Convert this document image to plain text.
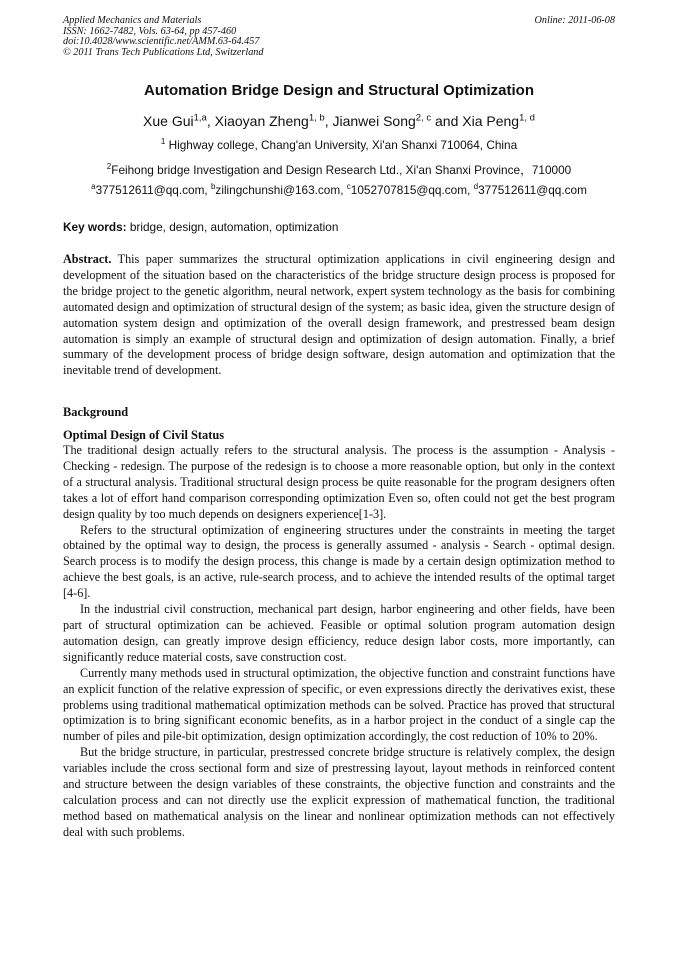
Applied Mechanics and Materials
ISSN: 1662-7482, Vols. 63-64, pp 457-460
doi:10.4028/www.scientific.net/AMM.63-64.457
© 2011 Trans Tech Publications Ltd, Switzerland
Online: 2011-06-08
Automation Bridge Design and Structural Optimization
Xue Gui$^{1,a}$, Xiaoyan Zheng$^{1, b}$, Jianwei Song$^{2, c}$ and Xia Peng$^{1, d}$
$^1$ Highway college, Chang'an University, Xi'an Shanxi 710064, China
$^2$Feihong bridge Investigation and Design Research Ltd., Xi'an Shanxi Province，710000
$^a$377512611@qq.com, $^b$zilingchunshi@163.com, $^c$1052707815@qq.com, $^d$377512611@qq.com
Key words: bridge, design, automation, optimization

Abstract. This paper summarizes the structural optimization applications in civil engineering design and development of the situation based on the characteristics of the bridge structure design process is proposed for the bridge project to the genetic algorithm, neural network, expert system technology as the basis for combining automated design and optimization of structural design of the system; as basic idea, given the structure design of automation system design and optimization of the overall design framework, and prestressed beam design automation is simply an example of structural design and optimization of design automation. Finally, a brief summary of the development process of bridge design software, design automation and optimization that the inevitable trend of development.

Background
Optimal Design of Civil Status

The traditional design actually refers to the structural analysis. The process is the assumption - Analysis - Checking - redesign. The purpose of the redesign is to choose a more reasonable option, but only in the context of a structural analysis. Traditional structural design process be quite reasonable for the program designers often takes a lot of effort hand comparison corresponding optimization Even so, often could not get the best program design quality by too much depends on designers experience[1-3].

Refers to the structural optimization of engineering structures under the constraints in meeting the target obtained by the optimal way to design, the process is generally assumed - analysis - Search - optimal design. Search process is to modify the design process, this change is made by a certain design optimization method to achieve the best goals, is an active, rule-search process, and to achieve the intended results of the optimal target [4-6].

In the industrial civil construction, mechanical part design, harbor engineering and other fields, have been part of structural optimization can be achieved. Feasible or optimal solution program automation design automation design, can greatly improve design efficiency, reduce design labor costs, more importantly, can significantly reduce material costs, save construction cost.

Currently many methods used in structural optimization, the objective function and constraint functions have an explicit function of the relative expression of specific, or even expressions directly the derivatives exist, these problems using traditional mathematical optimization methods can be solved. Practice has proved that structural optimization is to bring significant economic benefits, as in a harbor project in the conduct of a single cap the number of piles and pile-bit optimization, design optimization accordingly, the cost reduction of 10% to 20%.

But the bridge structure, in particular, prestressed concrete bridge structure is relatively complex, the design variables include the cross sectional form and size of prestressing layout, layout methods in reinforced content and structure between the design variables of these constraints, the objective function and constraints and the calculation process and can not directly use the explicit expression of mathematical function, the traditional method based on mathematical analysis on the linear and nonlinear optimization methods can not effectively deal with such problems.
